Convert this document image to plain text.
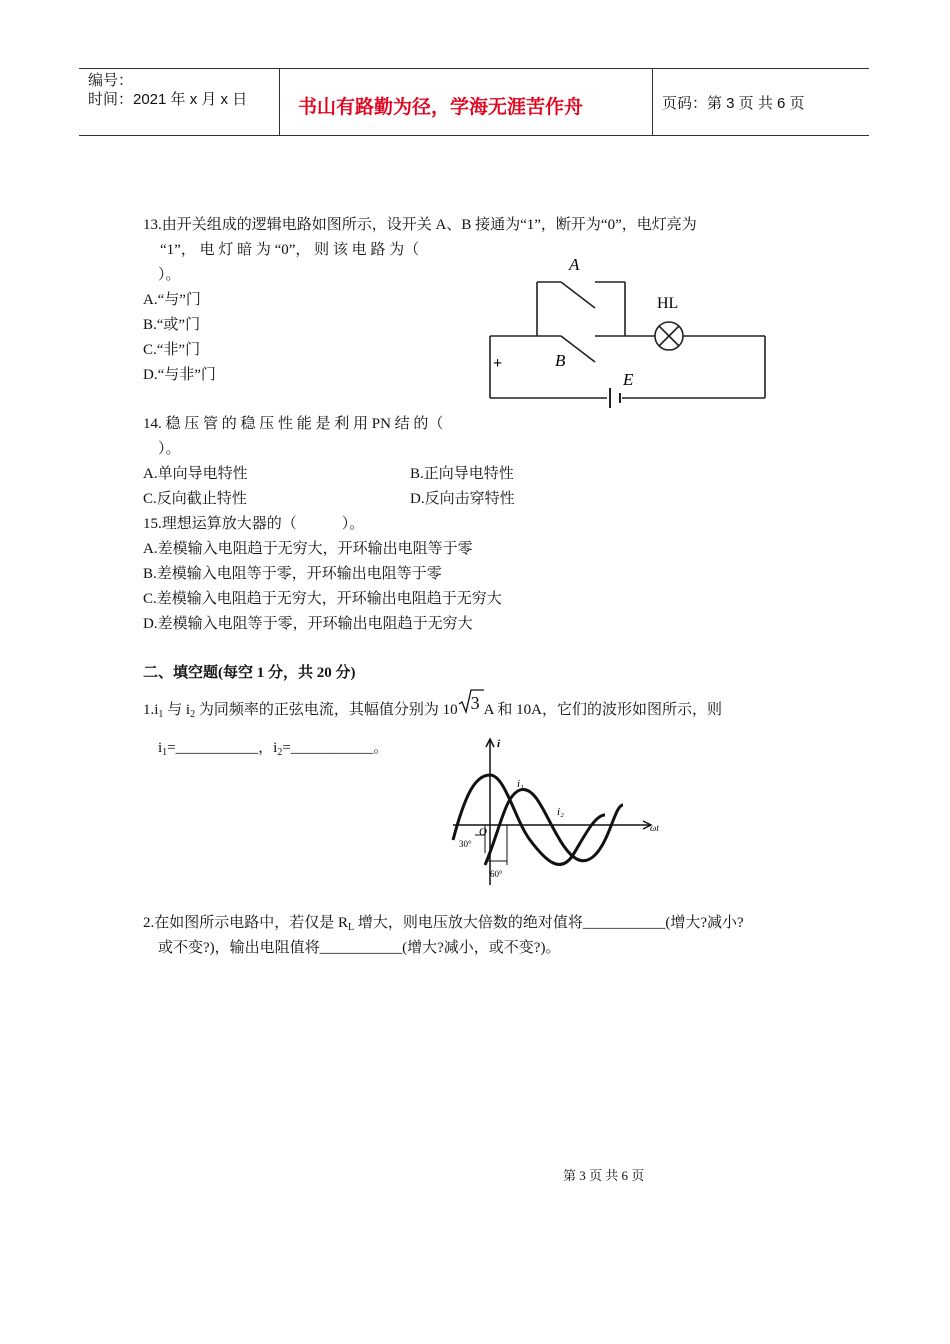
编号：
时间：2021 年 x 月 x 日	书山有路勤为径，学海无涯苦作舟	页码：第 3 页 共 6 页
13.由开关组成的逻辑电路如图所示，设开关 A、B 接通为“1”，断开为“0”，电灯亮为
“1”， 电 灯 暗 为 “0”， 则 该 电 路 为（
）。
A.“与”门
B.“或”门
C.“非”门
D.“与非”门
A
B
HL
E
+
14. 稳 压 管 的 稳 压 性 能 是 利 用 PN 结 的（
）。
A.单向导电特性	B.正向导电特性
C.反向截止特性	D.反向击穿特性
15.理想运算放大器的（　　　）。
A.差模输入电阻趋于无穷大，开环输出电阻等于零
B.差模输入电阻等于零，开环输出电阻等于零
C.差模输入电阻趋于无穷大，开环输出电阻趋于无穷大
D.差模输入电阻等于零，开环输出电阻趋于无穷大
二、填空题(每空 1 分，共 20 分)
$1.i_1$ 与 $i_2$ 为同频率的正弦电流，其幅值分别为 10 3 A 和 10A，它们的波形如图所示，则
$i_1=\_\_\_\_\_\_\_\_\_\_\_$，$i_2=\_\_\_\_\_\_\_\_\_\_\_$。	i
ωt
i₁
i₂
O
30°
60°
2.在如图所示电路中，若仅是 $R_L$ 增大，则电压放大倍数的绝对值将___________(增大?减小?
或不变?)，输出电阻值将___________(增大?减小，或不变?)。
第 3 页 共 6 页
